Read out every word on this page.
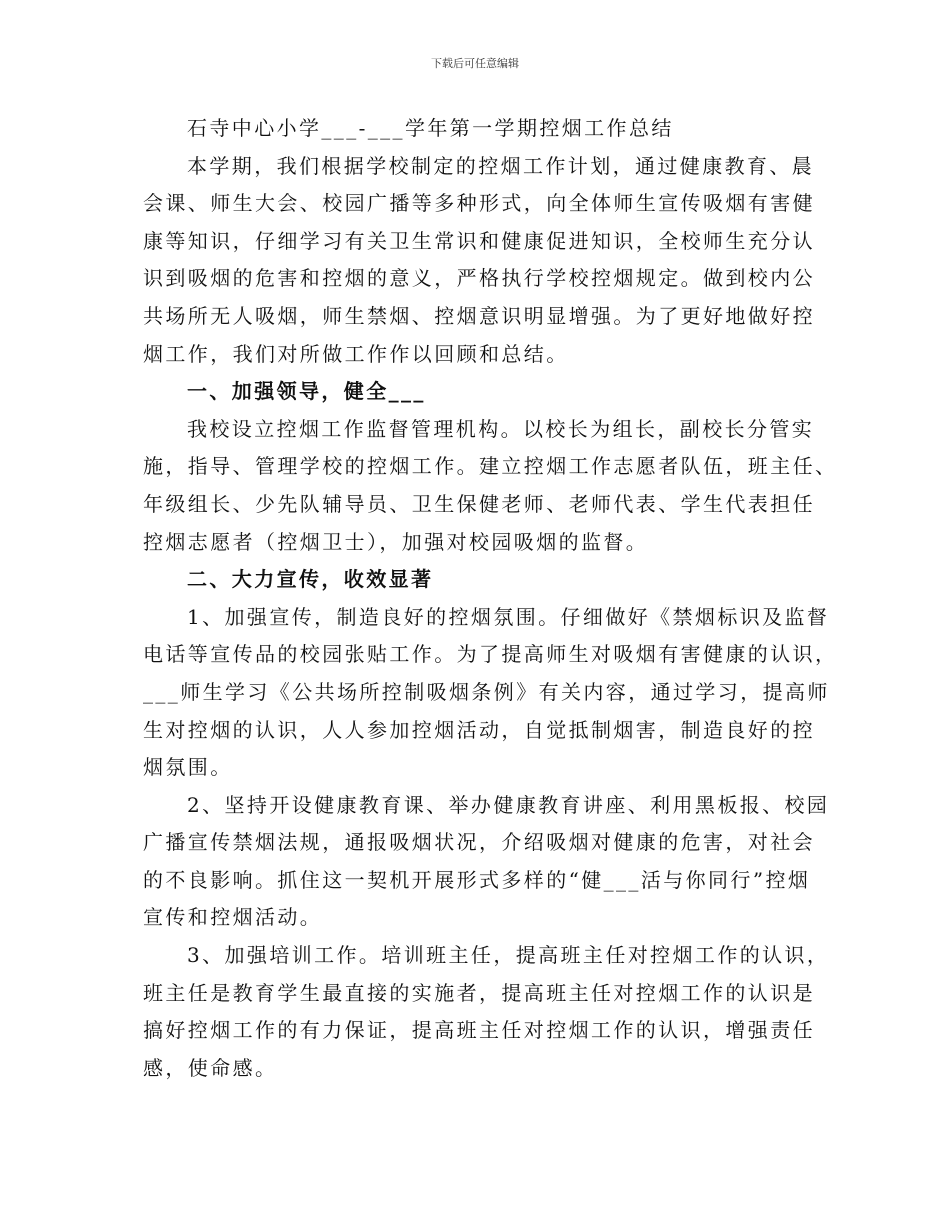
下载后可任意编辑
石寺中心小学___-___学年第一学期控烟工作总结
本学期，我们根据学校制定的控烟工作计划，通过健康教育、晨
会课、师生大会、校园广播等多种形式，向全体师生宣传吸烟有害健
康等知识，仔细学习有关卫生常识和健康促进知识，全校师生充分认
识到吸烟的危害和控烟的意义，严格执行学校控烟规定。做到校内公
共场所无人吸烟，师生禁烟、控烟意识明显增强。为了更好地做好控
烟工作，我们对所做工作作以回顾和总结。
一、加强领导，健全___
我校设立控烟工作监督管理机构。以校长为组长，副校长分管实
施，指导、管理学校的控烟工作。建立控烟工作志愿者队伍，班主任、
年级组长、少先队辅导员、卫生保健老师、老师代表、学生代表担任
控烟志愿者（控烟卫士），加强对校园吸烟的监督。
二、大力宣传，收效显著
1、加强宣传，制造良好的控烟氛围。仔细做好《禁烟标识及监督
电话等宣传品的校园张贴工作。为了提高师生对吸烟有害健康的认识，
___师生学习《公共场所控制吸烟条例》有关内容，通过学习，提高师
生对控烟的认识，人人参加控烟活动，自觉抵制烟害，制造良好的控
烟氛围。
2、坚持开设健康教育课、举办健康教育讲座、利用黑板报、校园
广播宣传禁烟法规，通报吸烟状况，介绍吸烟对健康的危害，对社会
的不良影响。抓住这一契机开展形式多样的“健___活与你同行”控烟
宣传和控烟活动。
3、加强培训工作。培训班主任，提高班主任对控烟工作的认识，
班主任是教育学生最直接的实施者，提高班主任对控烟工作的认识是
搞好控烟工作的有力保证，提高班主任对控烟工作的认识，增强责任
感，使命感。
